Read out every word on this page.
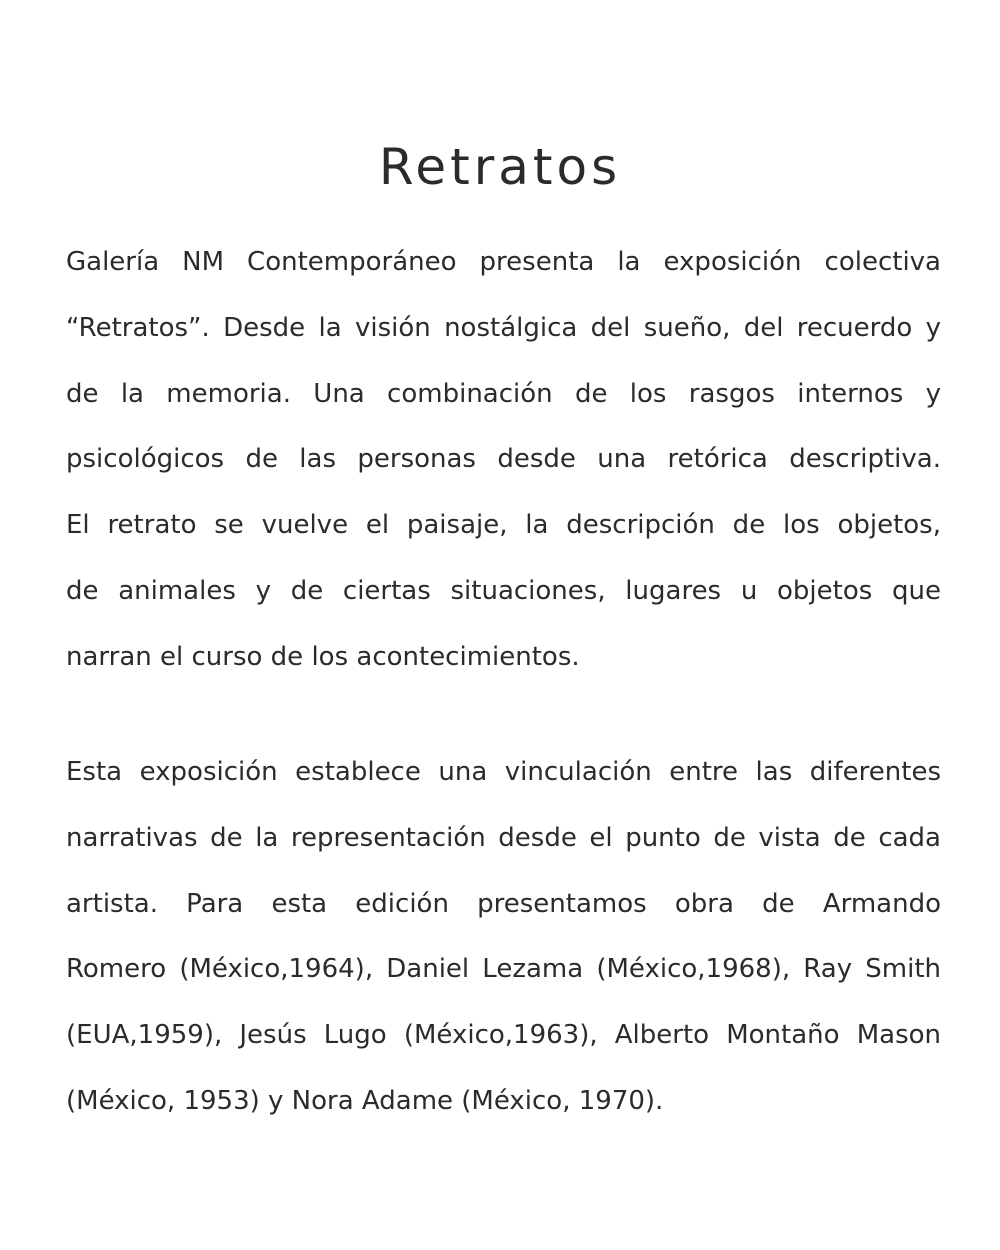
Retratos
Galería NM Contemporáneo presenta la exposición colectiva
“Retratos”. Desde la visión nostálgica del sueño, del recuerdo y
de la memoria. Una combinación de los rasgos internos y
psicológicos de las personas desde una retórica descriptiva.
El retrato se vuelve el paisaje, la descripción de los objetos,
de animales y de ciertas situaciones, lugares u objetos que
narran el curso de los acontecimientos.
Esta exposición establece una vinculación entre las diferentes
narrativas de la representación desde el punto de vista de cada
artista. Para esta edición presentamos obra de Armando
Romero (México,1964), Daniel Lezama (México,1968), Ray Smith
(EUA,1959), Jesús Lugo (México,1963), Alberto Montaño Mason
(México, 1953) y Nora Adame (México, 1970).
